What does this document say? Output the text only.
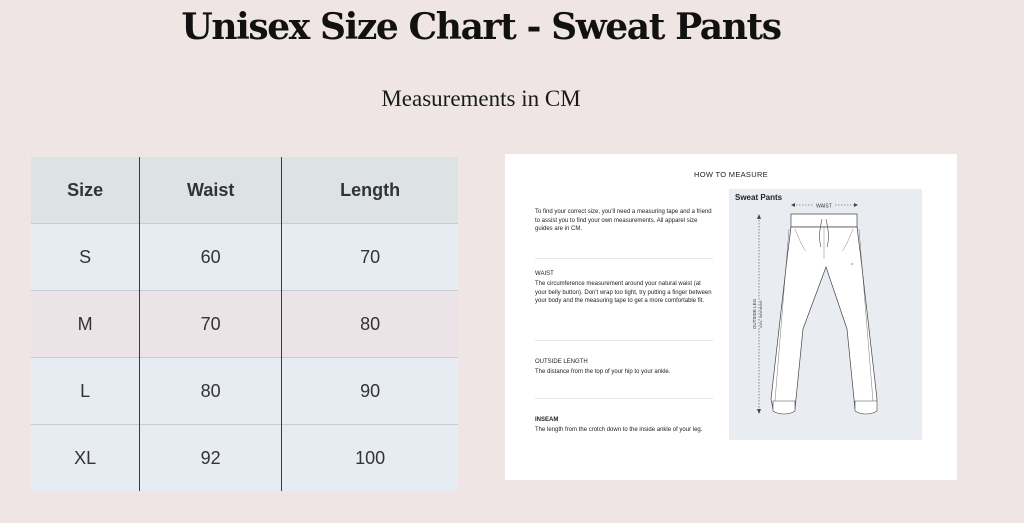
Unisex Size Chart - Sweat Pants
Measurements in CM
Size	Waist	Length
S	60	70
M	70	80
L	80	90
XL	92	100
HOW TO MEASURE

To find your correct size, you'll need a measuring tape and a friend to assist you to find your own measurements. All apparel size guides are in CM.

WAIST

The circumference measurement around your natural waist (at your belly button). Don't wrap too tight, try putting a finger between your body and the measuring tape to get a more comfortable fit.

OUTSIDE LENGTH

The distance from the top of your hip to your ankle.

INSEAM

The length from the crotch down to the inside ankle of your leg.

Sweat Pants
WAIST
OUTSIDE LEG EXCL. WAISTBAND
∞
